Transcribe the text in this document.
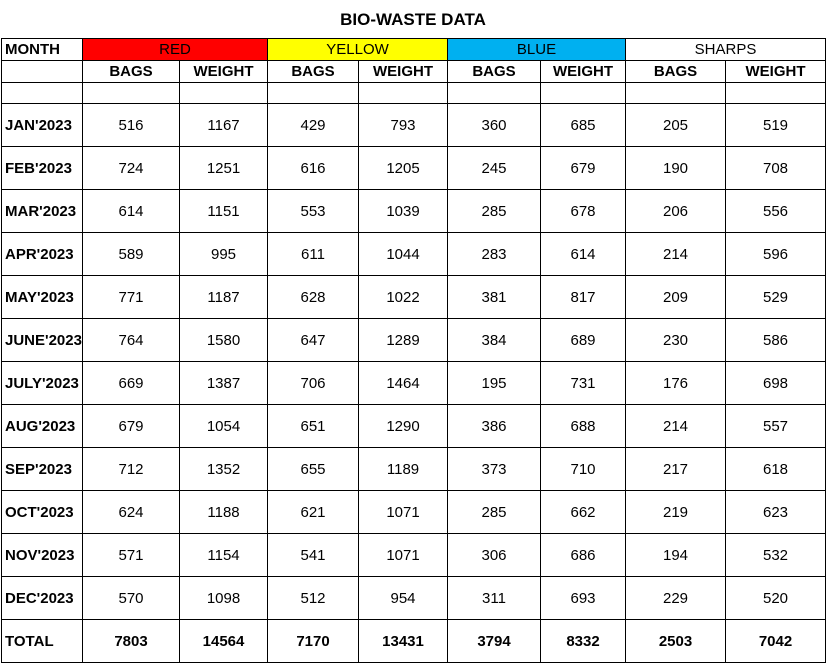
BIO-WASTE DATA
MONTH	RED		YELLOW		BLUE		SHARPS	
	BAGS	WEIGHT	BAGS	WEIGHT	BAGS	WEIGHT	BAGS	WEIGHT

JAN'2023	516	1167	429	793	360	685	205	519
FEB'2023	724	1251	616	1205	245	679	190	708
MAR'2023	614	1151	553	1039	285	678	206	556
APR'2023	589	995	611	1044	283	614	214	596
MAY'2023	771	1187	628	1022	381	817	209	529
JUNE'2023	764	1580	647	1289	384	689	230	586
JULY'2023	669	1387	706	1464	195	731	176	698
AUG'2023	679	1054	651	1290	386	688	214	557
SEP'2023	712	1352	655	1189	373	710	217	618
OCT'2023	624	1188	621	1071	285	662	219	623
NOV'2023	571	1154	541	1071	306	686	194	532
DEC'2023	570	1098	512	954	311	693	229	520
TOTAL	7803	14564	7170	13431	3794	8332	2503	7042
